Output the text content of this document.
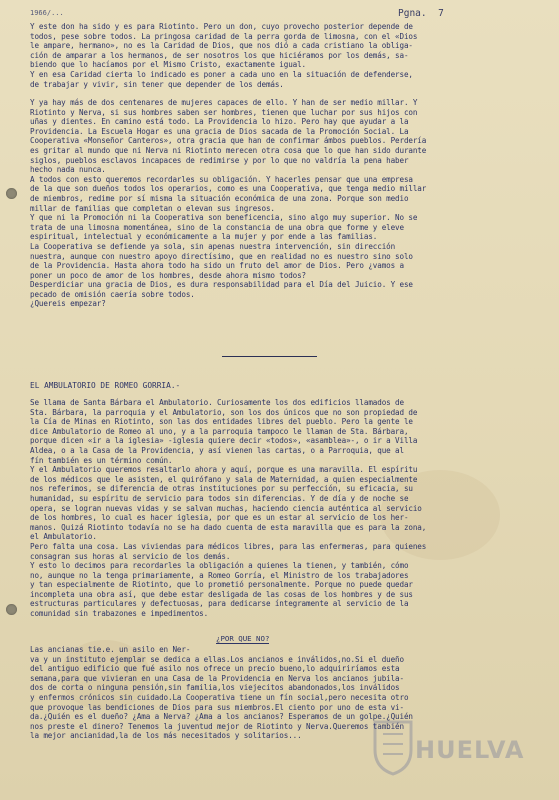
1966/...	Pgna. 7
Y este don ha sido y es para Riotinto. Pero un don, cuyo provecho posterior depende de
todos, pese sobre todos. La pringosa caridad de la perra gorda de limosna, con el «Dios
le ampare, hermano», no es la Caridad de Dios, que nos dió a cada cristiano la obliga-
ción de amparar a los hermanos, de ser nosotros los que hiciéramos por los demás, sa-
biendo que lo hacíamos por el Mismo Cristo, exactamente igual.
Y en esa Caridad cierta lo indicado es poner a cada uno en la situación de defenderse,
de trabajar y vivir, sin tener que depender de los demás.
Y ya hay más de dos centenares de mujeres capaces de ello. Y han de ser medio millar. Y
Riotinto y Nerva, si sus hombres saben ser hombres, tienen que luchar por sus hijos con
uñas y dientes. En camino está todo. La Providencia lo hizo. Pero hay que ayudar a la
Providencia. La Escuela Hogar es una gracia de Dios sacada de la Promoción Social. La
Cooperativa «Monseñor Canteros», otra gracia que han de confirmar ámbos pueblos. Perdería
es gritar al mundo que ni Nerva ni Riotinto merecen otra cosa que lo que han sido durante
siglos, pueblos esclavos incapaces de redimirse y por lo que no valdría la pena haber
hecho nada nunca.
A todos con esto queremos recordarles su obligación. Y hacerles pensar que una empresa
de la que son dueños todos los operarios, como es una Cooperativa, que tenga medio millar
de miembros, redime por sí misma la situación económica de una zona. Porque son medio
millar de familias que completan o elevan sus ingresos.
Y que ni la Promoción ni la Cooperativa son beneficencia, sino algo muy superior. No se
trata de una limosna momentánea, sino de la constancia de una obra que forme y eleve
espiritual, intelectual y económicamente a la mujer y por ende a las familias.
La Cooperativa se defiende ya sola, sin apenas nuestra intervención, sin dirección
nuestra, aunque con nuestro apoyo directísimo, que en realidad no es nuestro sino solo
de la Providencia. Hasta ahora todo ha sido un fruto del amor de Dios. Pero ¿vamos a
poner un poco de amor de los hombres, desde ahora mismo todos?
Desperdiciar una gracia de Dios, es dura responsabilidad para el Día del Juicio. Y ese
pecado de omisión caería sobre todos.
¿Quereis empezar?
EL AMBULATORIO DE ROMEO GORRIA.-
Se llama de Santa Bárbara el Ambulatorio. Curiosamente los dos edificios llamados de
Sta. Bárbara, la parroquia y el Ambulatorio, son los dos únicos que no son propiedad de
la Cía de Minas en Riotinto, son las dos entidades libres del pueblo. Pero la gente le
dice Ambulatorio de Romeo al uno, y a la parroquia tampoco le llaman de Sta. Bárbara,
porque dicen «ir a la iglesia» -iglesia quiere decir «todos», «asamblea»-, o ir a Villa
Aldea, o a la Casa de la Providencia, y así vienen las cartas, o a Parroquia, que al
fín también es un término común.
Y el Ambulatorio queremos resaltarlo ahora y aquí, porque es una maravilla. El espíritu
de los médicos que le asisten, el quirófano y sala de Maternidad, a quien especialmente
nos referimos, se diferencia de otras instituciones por su perfección, su eficacia, su
humanidad, su espíritu de servicio para todos sin diferencias. Y de día y de noche se
opera, se logran nuevas vidas y se salvan muchas, haciendo ciencia auténtica al servicio
de los hombres, lo cual es hacer iglesia, por que es un estar al servicio de los her-
manos. Quizá Riotinto todavía no se ha dado cuenta de esta maravilla que es para la zona,
el Ambulatorio.
Pero falta una cosa. Las viviendas para médicos libres, para las enfermeras, para quienes
consagran sus horas al servicio de los demás.
Y esto lo decimos para recordarles la obligación a quienes la tienen, y también, cómo
no, aunque no la tenga primariamente, a Romeo Gorría, el Ministro de los trabajadores
y tan especialmente de Riotinto, que lo prometió personalmente. Porque no puede quedar
incompleta una obra así, que debe estar desligada de las cosas de los hombres y de sus
estructuras particulares y defectuosas, para dedicarse íntegramente al servicio de la
comunidad sin trabazones e impedimentos.
¿POR QUE NO?
Las ancianas tie.e. un asilo en Ner-
va y un instituto ejemplar se dedica a ellas.Los ancianos e inválidos,no.Si el dueño
del antiguo edificio que fué asilo nos ofrece un precio bueno,lo adquiriríamos esta
semana,para que vivieran en una Casa de la Providencia en Nerva los ancianos jubila-
dos de corta o ninguna pensión,sin familia,los viejecitos abandonados,los inválidos
y enfermos crónicos sin cuidado.La Cooperativa tiene un fín social,pero necesita otro
que provoque las bendiciones de Dios para sus miembros.El ciento por uno de esta vi-
da.¿Quién es el dueño? ¿Ama a Nerva? ¿Ama a los ancianos? Esperamos de un golpe.¿Quién
nos preste el dinero? Tenemos la juventud mejor de Riotinto y Nerva.Queremos también
la mejor ancianidad,la de los más necesitados y solitarios...
HUELVA
